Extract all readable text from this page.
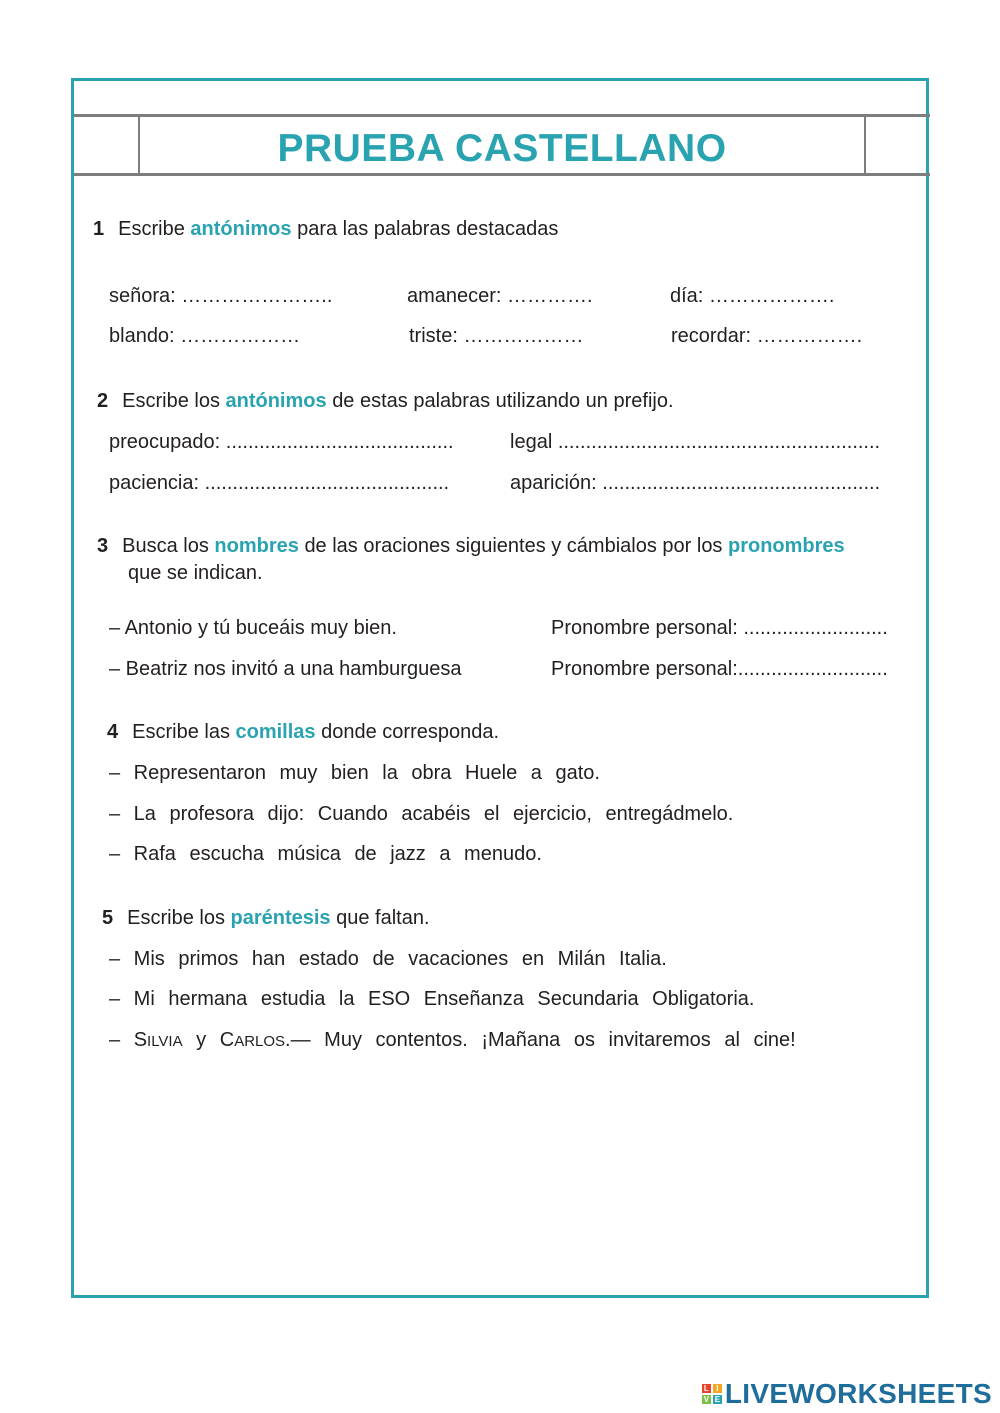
PRUEBA CASTELLANO
1 Escribe antónimos para las palabras destacadas
señora: …………………..	amanecer: ………….	día: ……………….
blando: ………………	triste: ………………	recordar: …………….
2 Escribe los antónimos de estas palabras utilizando un prefijo.
preocupado: .........................................	legal ..........................................................
paciencia: ............................................	aparición: ..................................................
3 Busca los nombres de las oraciones siguientes y cámbialos por los pronombres
que se indican.
– Antonio y tú buceáis muy bien.	Pronombre personal: ..........................
– Beatriz nos invitó a una hamburguesa	Pronombre personal:...........................
4 Escribe las comillas donde corresponda.
– Representaron muy bien la obra Huele a gato.
– La profesora dijo: Cuando acabéis el ejercicio, entregádmelo.
– Rafa escucha música de jazz a menudo.
5 Escribe los paréntesis que faltan.
– Mis primos han estado de vacaciones en Milán Italia.
– Mi hermana estudia la ESO Enseñanza Secundaria Obligatoria.
– SILVIA y CARLOS.— Muy contentos. ¡Mañana os invitaremos al cine!
L I
V E LIVEWORKSHEETS
